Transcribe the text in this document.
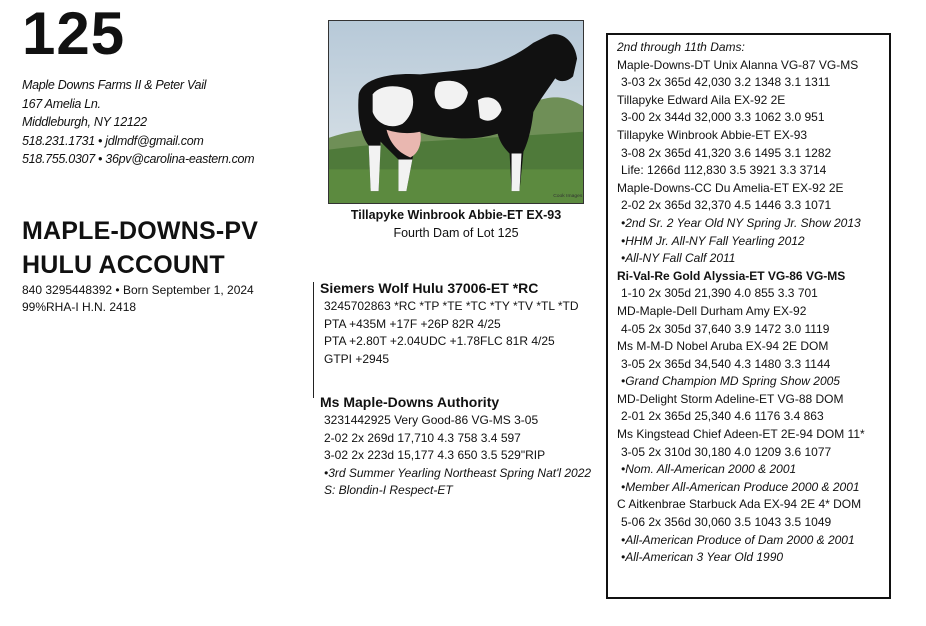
125
Maple Downs Farms II & Peter Vail
167 Amelia Ln.
Middleburgh, NY 12122
518.231.1731 • jdlmdf@gmail.com
518.755.0307 • 36pv@carolina-eastern.com
MAPLE-DOWNS-PV
HULU ACCOUNT
840 3295448392 • Born September 1, 2024
99%RHA-I H.N. 2418
Cook Images
Tillapyke Winbrook Abbie-ET EX-93
Fourth Dam of Lot 125
Siemers Wolf Hulu 37006-ET *RC
3245702863 *RC *TP *TE *TC *TY *TV *TL *TD
PTA +435M +17F +26P 82R 4/25
PTA +2.80T +2.04UDC +1.78FLC 81R 4/25
GTPI +2945
Ms Maple-Downs Authority
3231442925 Very Good-86 VG-MS 3-05
2-02 2x 269d 17,710 4.3 758 3.4 597
3-02 2x 223d 15,177 4.3 650 3.5 529"RIP
•3rd Summer Yearling Northeast Spring Nat'l 2022
S: Blondin-I Respect-ET
2nd through 11th Dams:
Maple-Downs-DT Unix Alanna VG-87 VG-MS
3-03 2x 365d 42,030 3.2 1348 3.1 1311
Tillapyke Edward Aila EX-92 2E
3-00 2x 344d 32,000 3.3 1062 3.0 951
Tillapyke Winbrook Abbie-ET EX-93
3-08 2x 365d 41,320 3.6 1495 3.1 1282
Life: 1266d 112,830 3.5 3921 3.3 3714
Maple-Downs-CC Du Amelia-ET EX-92 2E
2-02 2x 365d 32,370 4.5 1446 3.3 1071
•2nd Sr. 2 Year Old NY Spring Jr. Show 2013
•HHM Jr. All-NY Fall Yearling 2012
•All-NY Fall Calf 2011
Ri-Val-Re Gold Alyssia-ET VG-86 VG-MS
1-10 2x 305d 21,390 4.0 855 3.3 701
MD-Maple-Dell Durham Amy EX-92
4-05 2x 305d 37,640 3.9 1472 3.0 1119
Ms M-M-D Nobel Aruba EX-94 2E DOM
3-05 2x 365d 34,540 4.3 1480 3.3 1144
•Grand Champion MD Spring Show 2005
MD-Delight Storm Adeline-ET VG-88 DOM
2-01 2x 365d 25,340 4.6 1176 3.4 863
Ms Kingstead Chief Adeen-ET 2E-94 DOM 11*
3-05 2x 310d 30,180 4.0 1209 3.6 1077
•Nom. All-American 2000 & 2001
•Member All-American Produce 2000 & 2001
C Aitkenbrae Starbuck Ada EX-94 2E 4* DOM
5-06 2x 356d 30,060 3.5 1043 3.5 1049
•All-American Produce of Dam 2000 & 2001
•All-American 3 Year Old 1990
